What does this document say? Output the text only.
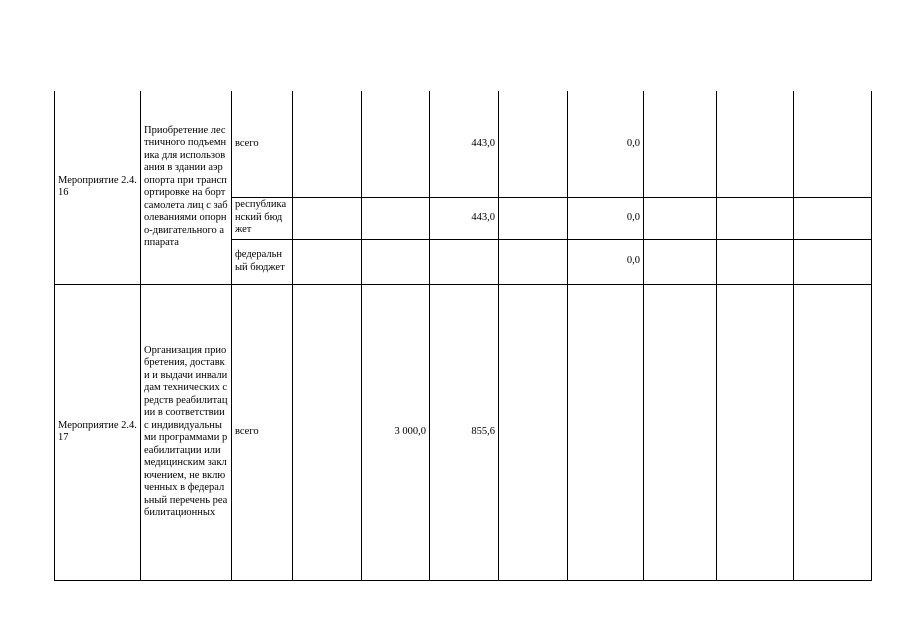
Мероприятие 2.4.16	Приобретение лестничного подъемника для использования в здании аэропорта при транспортировке на борт самолета лиц с заболеваниями опорно-двигательного аппарата	всего			443,0		0,0			
		республиканский бюджет			443,0		0,0			
		федеральный бюджет					0,0			
Мероприятие 2.4.17	Организация приобретения, доставки и выдачи инвалидам технических средств реабилитации в соответствии с индивидуальными программами реабилитации или медицинским заключением, не включенных в федеральный перечень реабилитационных	всего		3 000,0	855,6					
